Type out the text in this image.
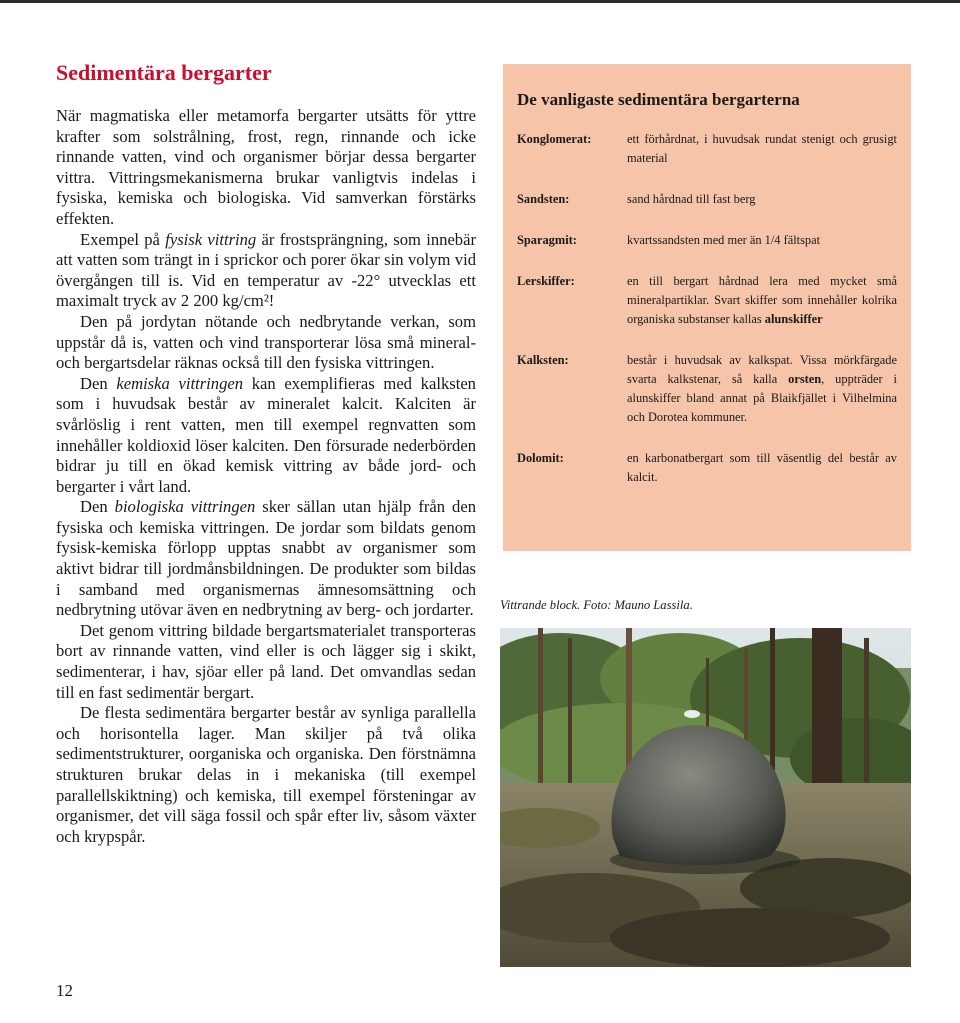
Sedimentära bergarter

När magmatiska eller metamorfa bergarter utsätts för yttre krafter som solstrålning, frost, regn, rinnande och icke rinnande vatten, vind och organismer börjar dessa bergarter vittra. Vittringsmekanismerna brukar vanligtvis indelas i fysiska, kemiska och biologiska. Vid samverkan förstärks effekten.

Exempel på fysisk vittring är frostsprängning, som innebär att vatten som trängt in i sprickor och porer ökar sin volym vid övergången till is. Vid en temperatur av -22° utvecklas ett maximalt tryck av 2 200 kg/cm²!

Den på jordytan nötande och nedbrytande verkan, som uppstår då is, vatten och vind transporterar lösa små mineral- och bergartsdelar räknas också till den fysiska vittringen.

Den kemiska vittringen kan exemplifieras med kalksten som i huvudsak består av mineralet kalcit. Kalciten är svårlöslig i rent vatten, men till exempel regnvatten som innehåller koldioxid löser kalciten. Den försurade nederbörden bidrar ju till en ökad kemisk vittring av både jord- och bergarter i vårt land.

Den biologiska vittringen sker sällan utan hjälp från den fysiska och kemiska vittringen. De jordar som bildats genom fysisk-kemiska förlopp upptas snabbt av organismer som aktivt bidrar till jordmånsbildningen. De produkter som bildas i samband med organismernas ämnesomsättning och nedbrytning utövar även en nedbrytning av berg- och jordarter.

Det genom vittring bildade bergartsmaterialet transporteras bort av rinnande vatten, vind eller is och lägger sig i skikt, sedimenterar, i hav, sjöar eller på land. Det omvandlas sedan till en fast sedimentär bergart.

De flesta sedimentära bergarter består av synliga parallella och horisontella lager. Man skiljer på två olika sedimentstrukturer, oorganiska och organiska. Den förstnämna strukturen brukar delas in i mekaniska (till exempel parallellskiktning) och kemiska, till exempel försteningar av organismer, det vill säga fossil och spår efter liv, såsom växter och krypspår.

12
De vanligaste sedimentära bergarterna
Konglomerat:	ett förhårdnat, i huvudsak rundat stenigt och grusigt material
Sandsten:	sand hårdnad till fast berg
Sparagmit:	kvartssandsten med mer än 1/4 fältspat
Lerskiffer:	en till bergart hårdnad lera med mycket små mineralpartiklar. Svart skiffer som innehåller kolrika organiska substanser kallas alunskiffer
Kalksten:	består i huvudsak av kalkspat. Vissa mörkfärgade svarta kalkstenar, så kalla orsten, uppträder i alunskiffer bland annat på Blaikfjället i Vilhelmina och Dorotea kommuner.
Dolomit:	en karbonatbergart som till väsentlig del består av kalcit.
Vittrande block. Foto: Mauno Lassila.
